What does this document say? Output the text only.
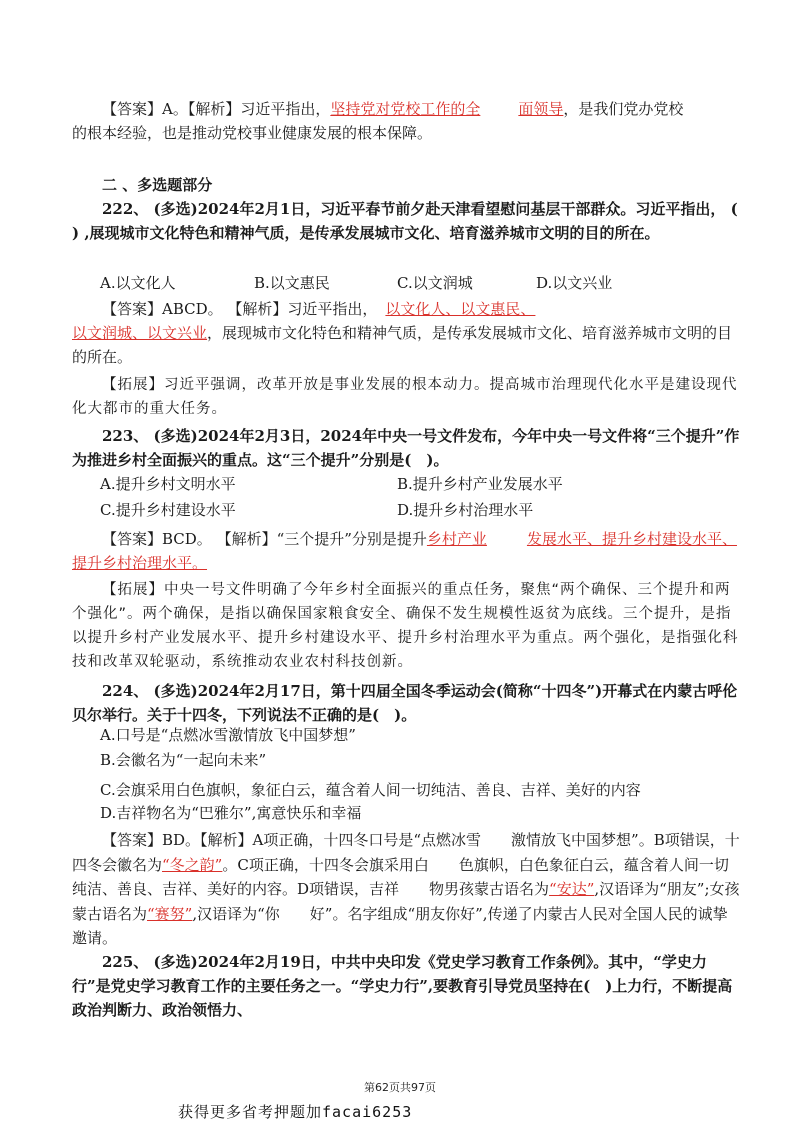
【答案】A。【解析】习近平指出，坚持党对党校工作的全	面领导，是我们党办党校

的根本经验，也是推动党校事业健康发展的根本保障。

二 、多选题部分

222、 (多选)2024年2月1日，习近平春节前夕赴天津看望慰问基层干部群众。习近平指出， ( ) ,展现城市文化特色和精神气质，是传承发展城市文化、培育滋养城市文明的目的所在。

A.以文化人	B.以文惠民	C.以文润城	D.以文兴业

【答案】ABCD。 【解析】习近平指出， 以文化人、以文惠民、以文润城、以文兴业，展现城市文化特色和精神气质，是传承发展城市文化、培育滋养城市文明的目的所在。

【拓展】习近平强调，改革开放是事业发展的根本动力。提高城市治理现代化水平是建设现代化大都市的重大任务。

223、 (多选)2024年2月3日，2024年中央一号文件发布，今年中央一号文件将“三个提升”作为推进乡村全面振兴的重点。这“三个提升”分别是(　)。

A.提升乡村文明水平	B.提升乡村产业发展水平
C.提升乡村建设水平	D.提升乡村治理水平

【答案】BCD。 【解析】“三个提升”分别是提升乡村产业	发展水平、提升乡村建设水平、提升乡村治理水平。

【拓展】中央一号文件明确了今年乡村全面振兴的重点任务，聚焦“两个确保、三个提升和两个强化”。两个确保，是指以确保国家粮食安全、确保不发生规模性返贫为底线。三个提升，是指以提升乡村产业发展水平、提升乡村建设水平、提升乡村治理水平为重点。两个强化，是指强化科技和改革双轮驱动，系统推动农业农村科技创新。

224、 (多选)2024年2月17日，第十四届全国冬季运动会(简称“十四冬”)开幕式在内蒙古呼伦贝尔举行。关于十四冬，下列说法不正确的是(　)。

A.口号是“点燃冰雪激情放飞中国梦想”

B.会徽名为“一起向未来”

C.会旗采用白色旗帜，象征白云，蕴含着人间一切纯洁、善良、吉祥、美好的内容

D.吉祥物名为“巴雅尔”,寓意快乐和幸福

【答案】BD。【解析】A项正确，十四冬口号是“点燃冰雪　　激情放飞中国梦想”。B项错误，十四冬会徽名为“冬之韵”。C项正确，十四冬会旗采用白　　色旗帜，白色象征白云，蕴含着人间一切纯洁、善良、吉祥、美好的内容。D项错误，吉祥　　物男孩蒙古语名为“安达”,汉语译为“朋友”;女孩蒙古语名为“赛努”,汉语译为“你　　好”。名字组成“朋友你好”,传递了内蒙古人民对全国人民的诚挚邀请。

225、 (多选)2024年2月19日，中共中央印发《党史学习教育工作条例》。其中，“学史力行”是党史学习教育工作的主要任务之一。“学史力行”,要教育引导党员坚持在(　)上力行，不断提高政治判断力、政治领悟力、

第62页共97页
获得更多省考押题加facai6253
